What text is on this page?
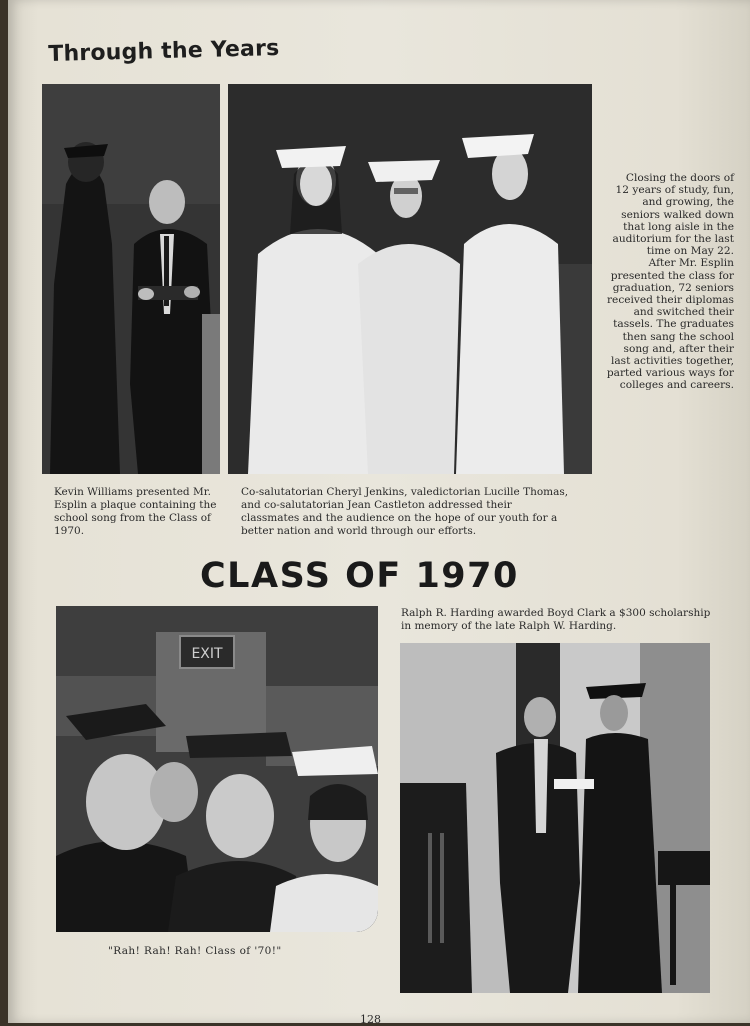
Through the Years

Closing the doors of 12 years of study, fun, and growing, the seniors walked down that long aisle in the auditorium for the last time on May 22.

After Mr. Esplin presented the class for graduation, 72 seniors received their diplomas and switched their tassels. The graduates then sang the school song and, after their last activities together, parted various ways for colleges and careers.

Kevin Williams presented Mr. Esplin a plaque containing the school song from the Class of 1970.
Co-salutatorian Cheryl Jenkins, valedictorian Lucille Thomas, and co-salutatorian Jean Castleton addressed their classmates and the audience on the hope of our youth for a better nation and world through our efforts.
CLASS OF 1970
EXIT
Ralph R. Harding awarded Boyd Clark a $300 scholarship in memory of the late Ralph W. Harding.
"Rah! Rah! Rah! Class of '70!"
128
